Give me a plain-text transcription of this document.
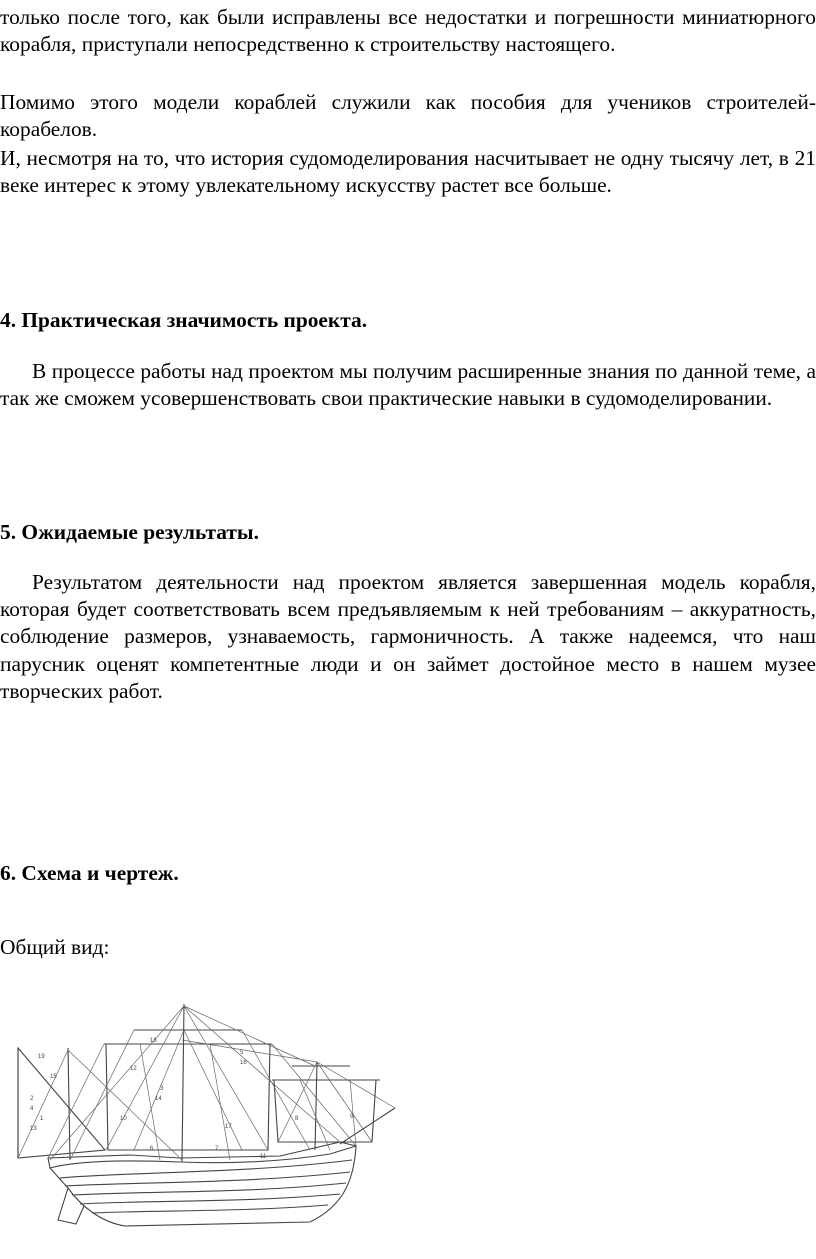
только после того, как были исправлены все недостатки и погрешности миниатюрного корабля, приступали непосредственно к строительству настоящего.
Помимо этого модели кораблей служили как пособия для учеников строителей-корабелов.
И, несмотря на то, что история судомоделирования насчитывает не одну тысячу лет, в 21 веке интерес к этому увлекательному искусству растет все больше.
4. Практическая значимость проекта.
В процессе работы над проектом мы получим расширенные знания по данной теме, а так же сможем усовершенствовать свои практические навыки в судомоделировании.
5. Ожидаемые результаты.
Результатом деятельности над проектом является завершенная модель корабля, которая будет соответствовать всем предъявляемым к ней требованиям – аккуратность, соблюдение размеров, узнаваемость, гармоничность. А также надеемся, что наш парусник оценят компетентные люди и он займет достойное место в нашем музее творческих работ.
6. Схема и чертеж.
Общий вид:
1
2
3
4
5
6	7
8	9
10
11
12
13
14
15
16
17
18
19
